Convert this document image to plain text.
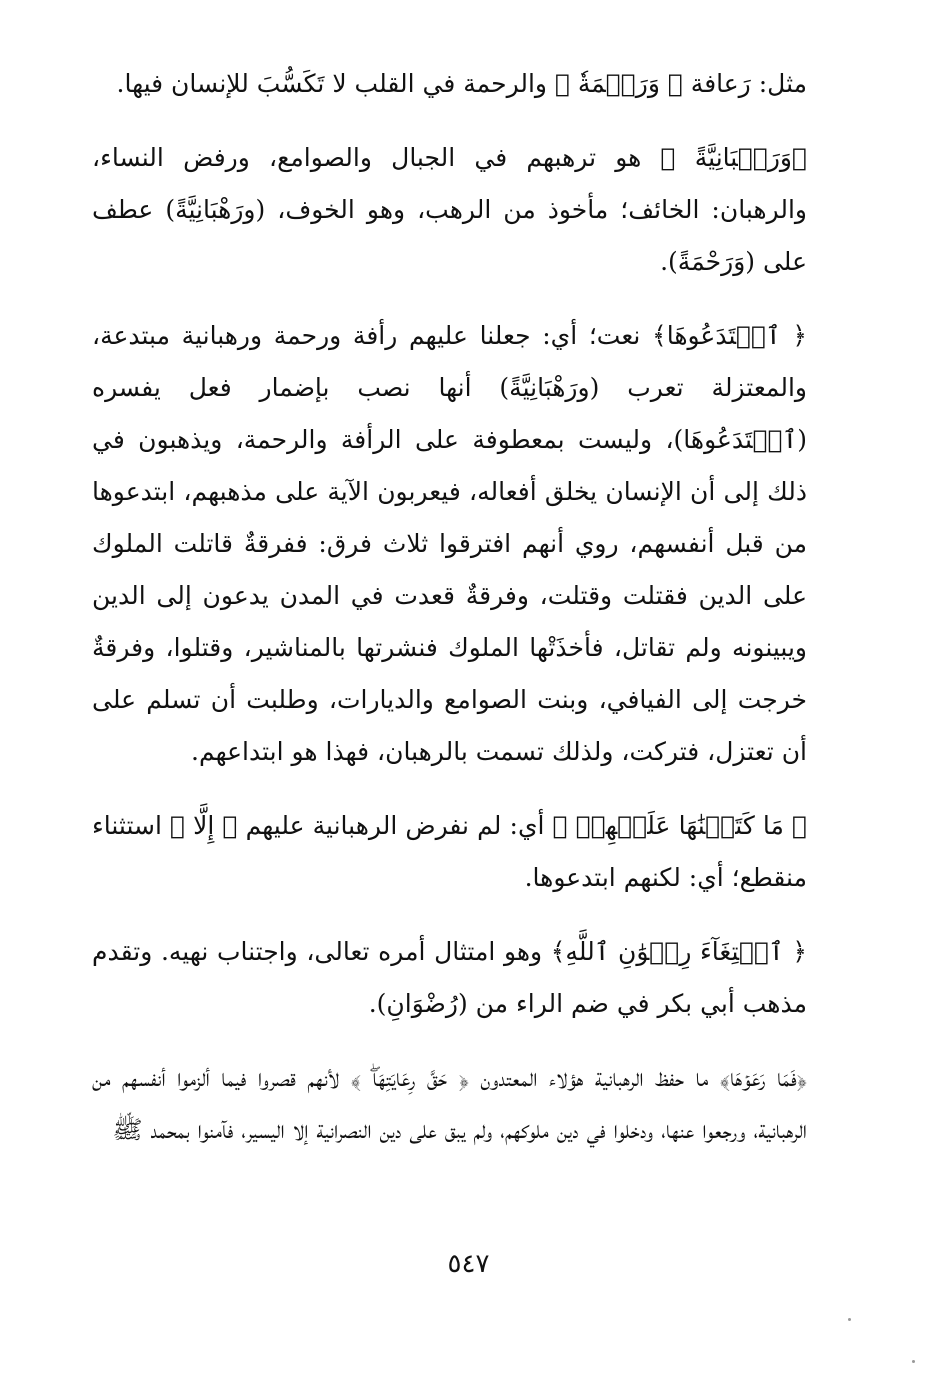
مثل: رَعافة ﴿ وَرَحۡمَةٗ ﴾ والرحمة في القلب لا تَكَسُّبَ للإنسان فيها.

﴿وَرَهۡبَانِيَّةً ﴾ هو ترهبهم في الجبال والصوامع، ورفض النساء، والرهبان: الخائف؛ مأخوذ من الرهب، وهو الخوف، (ورَهْبَانِيَّةً) عطف على (وَرَحْمَةً).

﴿ ٱبۡتَدَعُوهَا﴾ نعت؛ أي: جعلنا عليهم رأفة ورحمة ورهبانية مبتدعة، والمعتزلة تعرب (ورَهْبَانِيَّةً) أنها نصب بإضمار فعل يفسره (ٱبۡتَدَعُوهَا)، وليست بمعطوفة على الرأفة والرحمة، ويذهبون في ذلك إلى أن الإنسان يخلق أفعاله، فيعربون الآية على مذهبهم، ابتدعوها من قبل أنفسهم، روي أنهم افترقوا ثلاث فرق: ففرقةٌ قاتلت الملوك على الدين فقتلت وقتلت، وفرقةٌ قعدت في المدن يدعون إلى الدين ويبينونه ولم تقاتل، فأخذَتْها الملوك فنشرتها بالمناشير، وقتلوا، وفرقةٌ خرجت إلى الفيافي، وبنت الصوامع والديارات، وطلبت أن تسلم على أن تعتزل، فتركت، ولذلك تسمت بالرهبان، فهذا هو ابتداعهم.

﴿ مَا كَتَبۡنَٰهَا عَلَيۡهِمۡ ﴾ أي: لم نفرض الرهبانية عليهم ﴿ إِلَّا ﴾ استثناء منقطع؛ أي: لكنهم ابتدعوها.

﴿ ٱبۡتِغَآءَ رِضۡوَٰنِ ٱللَّهِ﴾ وهو امتثال أمره تعالى، واجتناب نهيه. وتقدم مذهب أبي بكر في ضم الراء من (رُضْوَانِ).

﴿فَمَا رَعَوۡهَا﴾ ما حفظ الرهبانية هؤلاء المعتدون ﴿ حَقَّ رِعَايَتِهَاۖ ﴾ لأنهم قصروا فيما ألزموا أنفسهم من الرهبانية، ورجعوا عنها، ودخلوا في دين ملوكهم، ولم يبق على دين النصرانية إلا اليسير، فآمنوا بمحمد ﷺ

٥٤٧
